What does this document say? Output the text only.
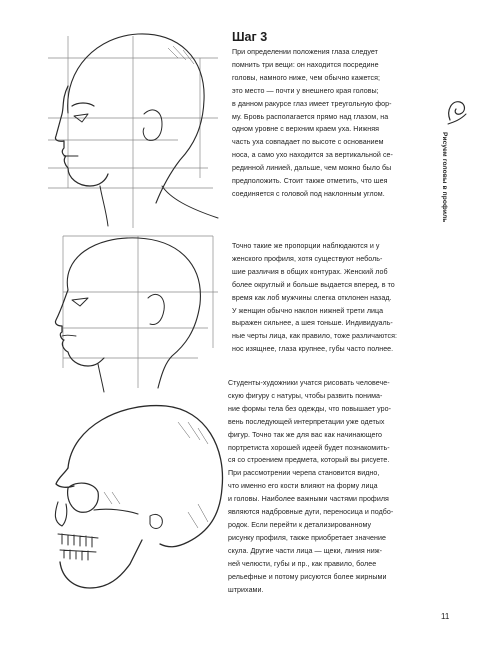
Шаг 3

При определении положения глаза следует

помнить три вещи: он находится посредине

головы, намного ниже, чем обычно кажется;

это место — почти у внешнего края головы;

в данном ракурсе глаз имеет треугольную фор-

му. Бровь располагается прямо над глазом, на

одном уровне с верхним краем уха. Нижняя

часть уха совпадает по высоте с основанием

носа, а само ухо находится за вертикальной се-

рединной линией, дальше, чем можно было бы

предположить. Стоит также отметить, что шея

соединяется с головой под наклонным углом.

Точно такие же пропорции наблюдаются и у

женского профиля, хотя существуют неболь-

шие различия в общих контурах. Женский лоб

более округлый и больше выдается вперед, в то

время как лоб мужчины слегка отклонен назад.

У женщин обычно наклон нижней трети лица

выражен сильнее, а шея тоньше. Индивидуаль-

ные черты лица, как правило, тоже различаются:

нос изящнее, глаза крупнее, губы часто полнее.

Студенты-художники учатся рисовать человече-

скую фигуру с натуры, чтобы развить понима-

ние формы тела без одежды, что повышает уро-

вень последующей интерпретации уже одетых

фигур. Точно так же для вас как начинающего

портретиста хорошей идеей будет познакомить-

ся со строением предмета, который вы рисуете.

При рассмотрении черепа становится видно,

что именно его кости влияют на форму лица

и головы. Наиболее важными частями профиля

являются надбровные дуги, переносица и подбо-

родок. Если перейти к детализированному

рисунку профиля, также приобретает значение

скула. Другие части лица — щеки, линия ниж-

ней челюсти, губы и пр., как правило, более

рельефные и потому рисуются более жирными

штрихами.

Рисуем головы в профиль
11
